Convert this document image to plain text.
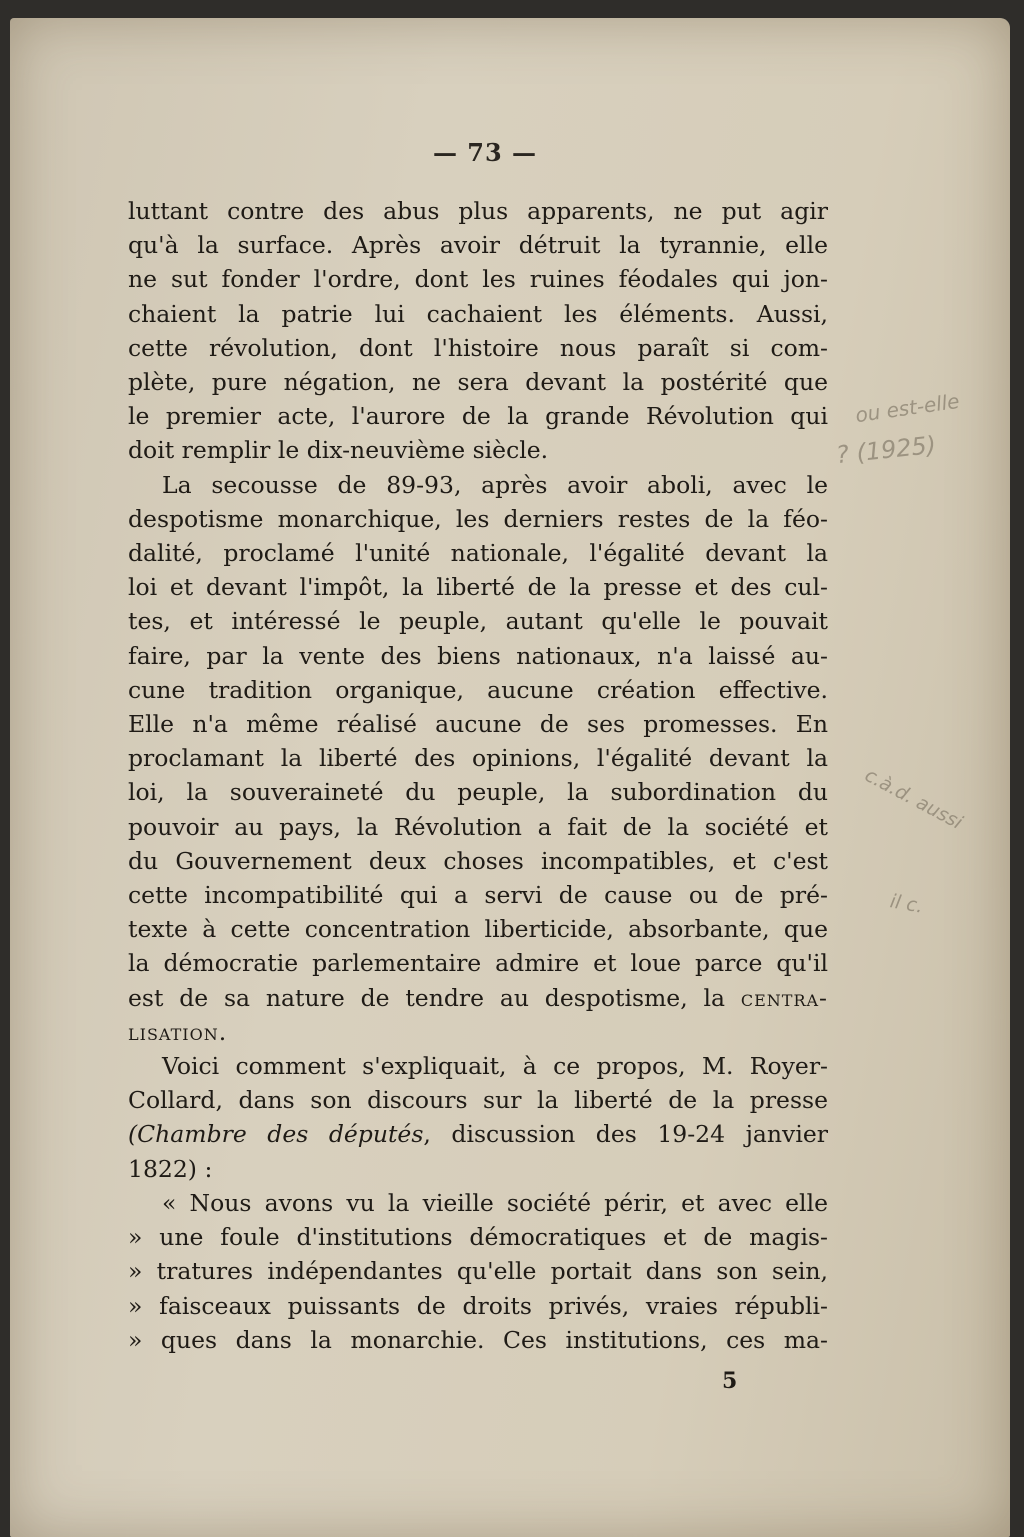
— 73 —

luttant contre des abus plus apparents, ne put agir
qu'à la surface. Après avoir détruit la tyrannie, elle
ne sut fonder l'ordre, dont les ruines féodales qui jon-
chaient la patrie lui cachaient les éléments. Aussi,
cette révolution, dont l'histoire nous paraît si com-
plète, pure négation, ne sera devant la postérité que
le premier acte, l'aurore de la grande Révolution qui
doit remplir le dix-neuvième siècle.

La secousse de 89-93, après avoir aboli, avec le
despotisme monarchique, les derniers restes de la féo-
dalité, proclamé l'unité nationale, l'égalité devant la
loi et devant l'impôt, la liberté de la presse et des cul-
tes, et intéressé le peuple, autant qu'elle le pouvait
faire, par la vente des biens nationaux, n'a laissé au-
cune tradition organique, aucune création effective.
Elle n'a même réalisé aucune de ses promesses. En
proclamant la liberté des opinions, l'égalité devant la
loi, la souveraineté du peuple, la subordination du
pouvoir au pays, la Révolution a fait de la société et
du Gouvernement deux choses incompatibles, et c'est
cette incompatibilité qui a servi de cause ou de pré-
texte à cette concentration liberticide, absorbante, que
la démocratie parlementaire admire et loue parce qu'il
est de sa nature de tendre au despotisme, la centra-
lisation.

Voici comment s'expliquait, à ce propos, M. Royer-
Collard, dans son discours sur la liberté de la presse
(Chambre des députés, discussion des 19-24 janvier
1822) :

« Nous avons vu la vieille société périr, et avec elle
» une foule d'institutions démocratiques et de magis-
» tratures indépendantes qu'elle portait dans son sein,
» faisceaux puissants de droits privés, vraies républi-
» ques dans la monarchie. Ces institutions, ces ma-

ou est-elle
? (1925)
c.à.d. aussi
il c.
5
